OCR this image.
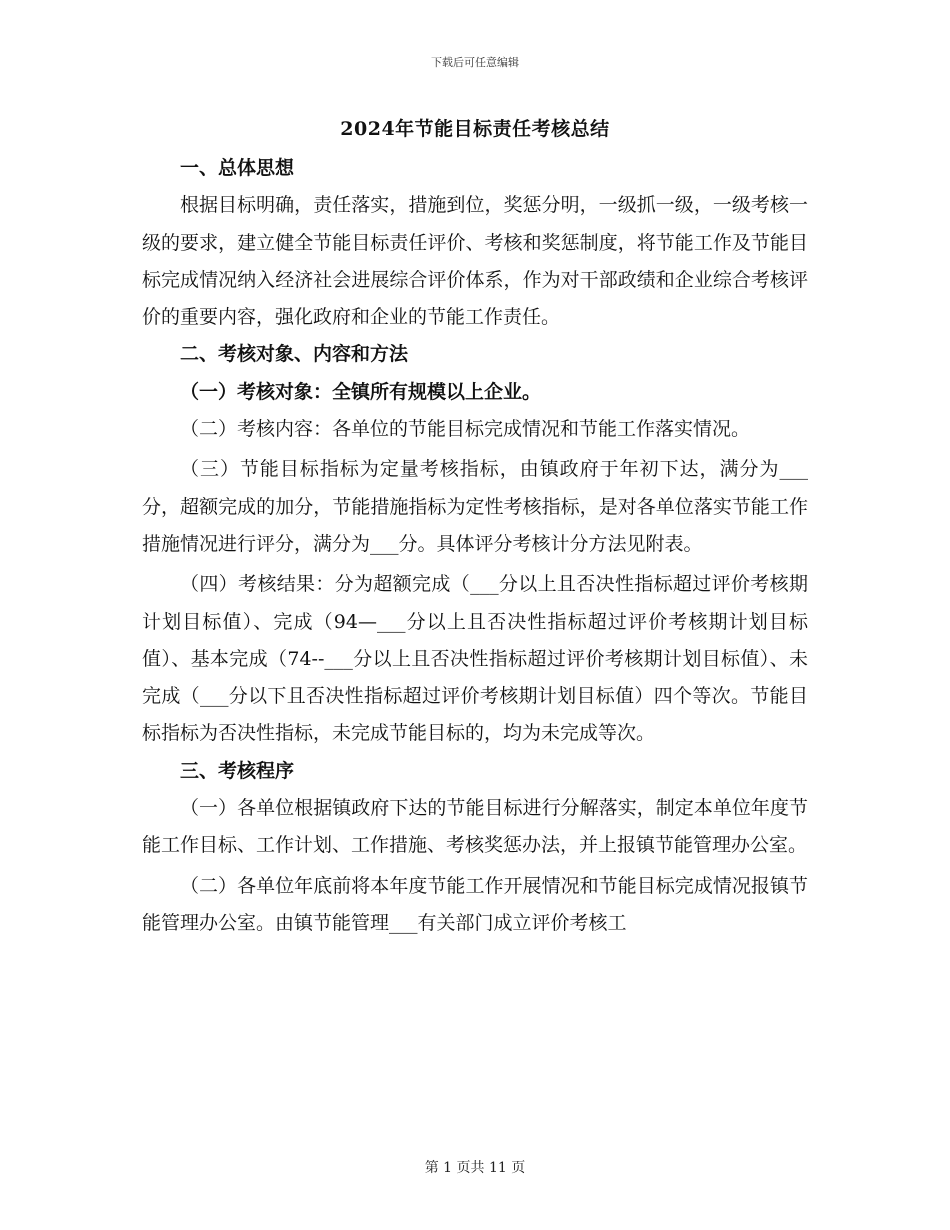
下载后可任意编辑
2024年节能目标责任考核总结

一、总体思想

根据目标明确，责任落实，措施到位，奖惩分明，一级抓一级，一级考核一级的要求，建立健全节能目标责任评价、考核和奖惩制度，将节能工作及节能目标完成情况纳入经济社会进展综合评价体系，作为对干部政绩和企业综合考核评价的重要内容，强化政府和企业的节能工作责任。

二、考核对象、内容和方法

（一）考核对象：全镇所有规模以上企业。

（二）考核内容：各单位的节能目标完成情况和节能工作落实情况。

（三）节能目标指标为定量考核指标，由镇政府于年初下达，满分为___分，超额完成的加分，节能措施指标为定性考核指标，是对各单位落实节能工作措施情况进行评分，满分为___分。具体评分考核计分方法见附表。

（四）考核结果：分为超额完成（___分以上且否决性指标超过评价考核期计划目标值）、完成（94—___分以上且否决性指标超过评价考核期计划目标值）、基本完成（74--___分以上且否决性指标超过评价考核期计划目标值）、未完成（___分以下且否决性指标超过评价考核期计划目标值）四个等次。节能目标指标为否决性指标，未完成节能目标的，均为未完成等次。

三、考核程序

（一）各单位根据镇政府下达的节能目标进行分解落实，制定本单位年度节能工作目标、工作计划、工作措施、考核奖惩办法，并上报镇节能管理办公室。

（二）各单位年底前将本年度节能工作开展情况和节能目标完成情况报镇节能管理办公室。由镇节能管理___有关部门成立评价考核工

第 1 页共 11 页
